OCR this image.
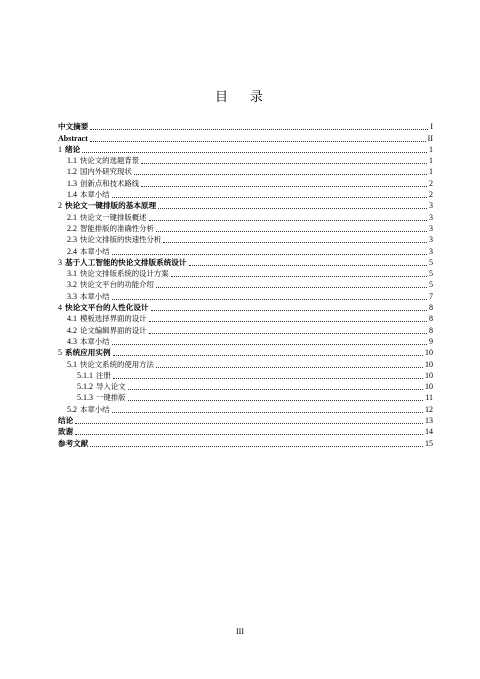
目 录
中文摘要	I
Abstract	II
1 绪论	1
1.1 快论文的选题背景	1
1.2 国内外研究现状	1
1.3 创新点和技术路线	2
1.4 本章小结	2
2 快论文一键排版的基本原理	3
2.1 快论文一键排版概述	3
2.2 智能排版的准确性分析	3
2.3 快论文排版的快速性分析	3
2.4 本章小结	3
3 基于人工智能的快论文排版系统设计	5
3.1 快论文排版系统的设计方案	5
3.2 快论文平台的功能介绍	5
3.3 本章小结	7
4 快论文平台的人性化设计	8
4.1 模板选择界面的设计	8
4.2 论文编辑界面的设计	8
4.3 本章小结	9
5 系统应用实例	10
5.1 快论文系统的使用方法	10
5.1.1 注册	10
5.1.2 导入论文	10
5.1.3 一键排版	11
5.2 本章小结	12
结论	13
致谢	14
参考文献	15
III
